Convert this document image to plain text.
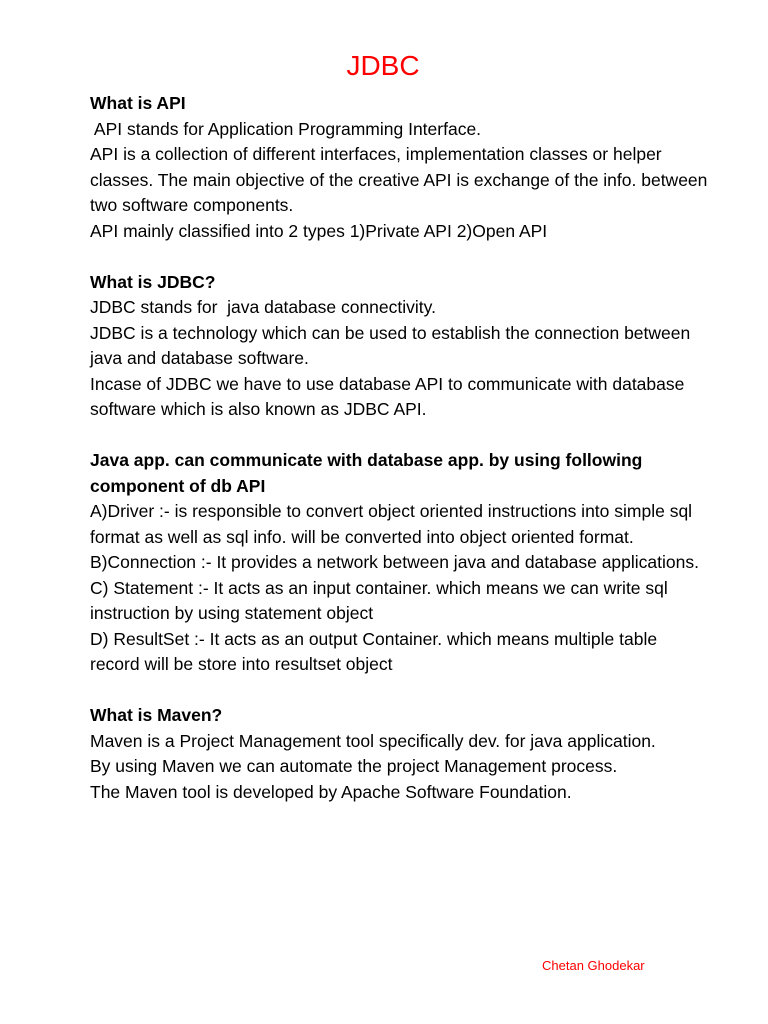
JDBC

What is API

API stands for Application Programming Interface.

API is a collection of different interfaces, implementation classes or helper classes. The main objective of the creative API is exchange of the info. between two software components.

API mainly classified into 2 types 1)Private API 2)Open API

What is JDBC?

JDBC stands for  java database connectivity.

JDBC is a technology which can be used to establish the connection between java and database software.

Incase of JDBC we have to use database API to communicate with database software which is also known as JDBC API.

Java app. can communicate with database app. by using following component of db API

A)Driver :- is responsible to convert object oriented instructions into simple sql format as well as sql info. will be converted into object oriented format.

B)Connection :- It provides a network between java and database applications.

C) Statement :- It acts as an input container. which means we can write sql instruction by using statement object

D) ResultSet :- It acts as an output Container. which means multiple table record will be store into resultset object

What is Maven?

Maven is a Project Management tool specifically dev. for java application.

By using Maven we can automate the project Management process.

The Maven tool is developed by Apache Software Foundation.

Chetan Ghodekar
